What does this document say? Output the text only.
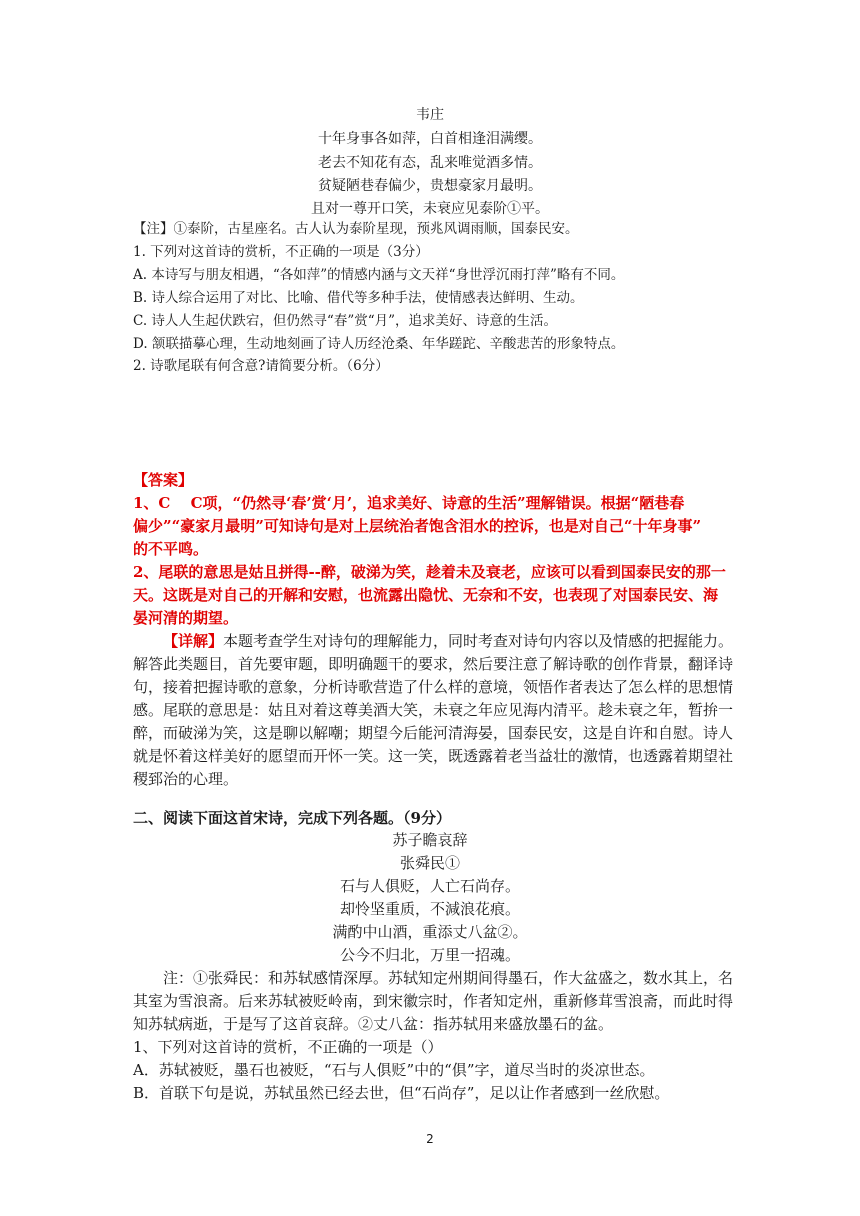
韦庄
十年身事各如萍，白首相逢泪满缨。
老去不知花有态，乱来唯觉酒多情。
贫疑陋巷春偏少，贵想豪家月最明。
且对一尊开口笑，未衰应见泰阶①平。
【注】①泰阶，古星座名。古人认为泰阶星现，预兆风调雨顺，国泰民安。
1. 下列对这首诗的赏析，不正确的一项是（3分）
A. 本诗写与朋友相遇，“各如萍”的情感内涵与文天祥“身世浮沉雨打萍”略有不同。
B. 诗人综合运用了对比、比喻、借代等多种手法，使情感表达鲜明、生动。
C. 诗人人生起伏跌宕，但仍然寻“春”赏“月”，追求美好、诗意的生活。
D. 颔联描摹心理，生动地刻画了诗人历经沧桑、年华蹉跎、辛酸悲苦的形象特点。
2. 诗歌尾联有何含意?请简要分析。（6分）
【答案】
1、C　 C项，“仍然寻‘春’赏‘月’，追求美好、诗意的生活”理解错误。根据“陋巷春
偏少”“豪家月最明”可知诗句是对上层统治者饱含泪水的控诉，也是对自己“十年身事”
的不平鸣。
2、尾联的意思是姑且拼得--醉，破涕为笑，趁着未及衰老，应该可以看到国泰民安的那一
天。这既是对自己的开解和安慰，也流露出隐忧、无奈和不安，也表现了对国泰民安、海
晏河清的期望。
【详解】本题考查学生对诗句的理解能力，同时考查对诗句内容以及情感的把握能力。
解答此类题目，首先要审题，即明确题干的要求，然后要注意了解诗歌的创作背景，翻译诗
句，接着把握诗歌的意象，分析诗歌营造了什么样的意境，领悟作者表达了怎么样的思想情
感。尾联的意思是：姑且对着这尊美酒大笑，未衰之年应见海内清平。趁未衰之年，暂拚一
醉，而破涕为笑，这是聊以解嘲；期望今后能河清海晏，国泰民安，这是自许和自慰。诗人
就是怀着这样美好的愿望而开怀一笑。这一笑，既透露着老当益壮的激情，也透露着期望社
稷郅治的心理。
二、阅读下面这首宋诗，完成下列各题。（9分）
苏子瞻哀辞
张舜民①
石与人俱贬，人亡石尚存。
却怜坚重质，不減浪花痕。
满酌中山酒，重添丈八盆②。
公今不归北，万里一招魂。
注：①张舜民：和苏轼感情深厚。苏轼知定州期间得墨石，作大盆盛之，数水其上，名
其室为雪浪斋。后来苏轼被贬岭南，到宋徽宗时，作者知定州，重新修茸雪浪斋，而此时得
知苏轼病逝，于是写了这首哀辞。②丈八盆：指苏轼用来盛放墨石的盆。
1、下列对这首诗的赏析，不正确的一项是（）
A．苏轼被贬，墨石也被贬，“石与人俱贬”中的“俱”字，道尽当时的炎凉世态。
B．首联下句是说，苏轼虽然已经去世，但“石尚存”，足以让作者感到一丝欣慰。
2
